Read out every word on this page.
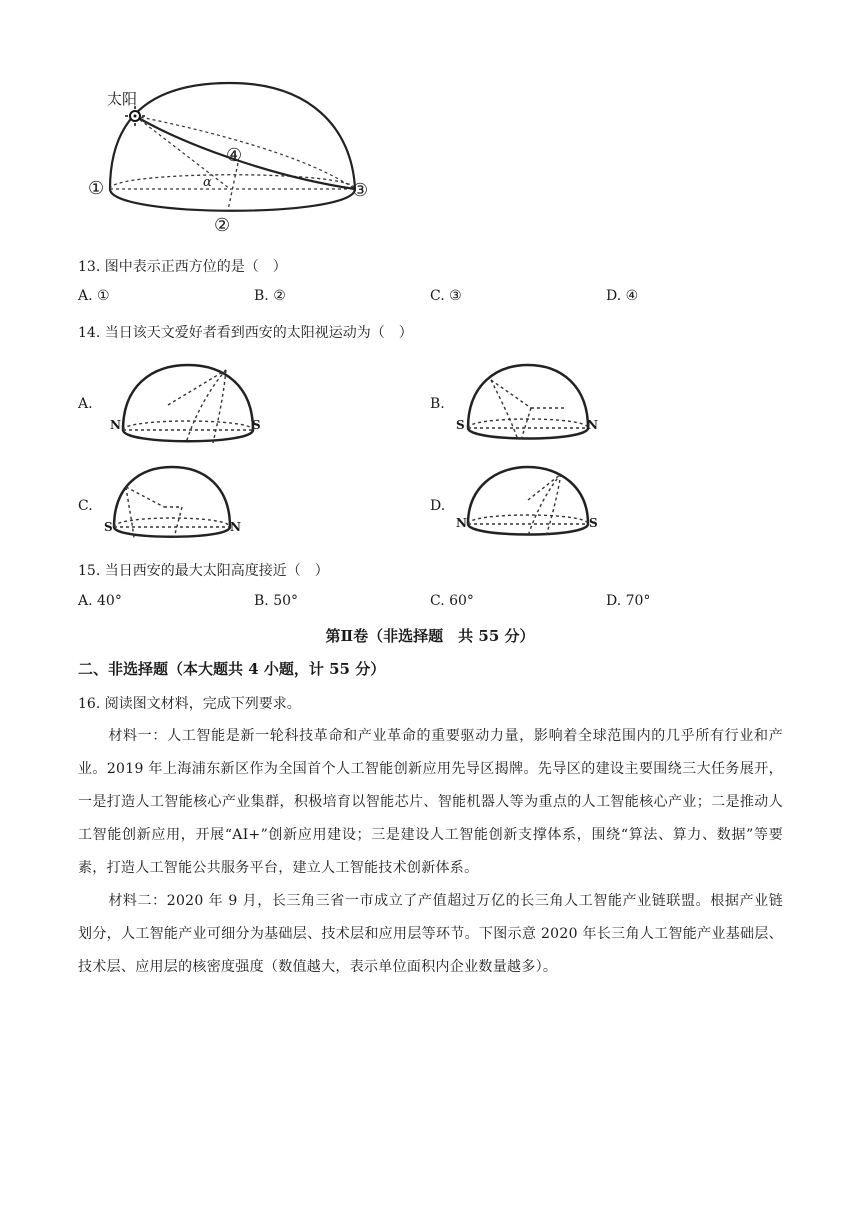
太阳
①
②
③
④
α
13. 图中表示正西方位的是（　）
A. ①	B. ②	C. ③	D. ④
14. 当日该天文爱好者看到西安的太阳视运动为（　）
A.
N	S
B.
S	N
C.
S	N
D.
N	S
15. 当日西安的最大太阳高度接近（　）
A. 40°	B. 50°	C. 60°	D. 70°
第Ⅱ卷（非选择题　共 55 分）
二、非选择题（本大题共 4 小题，计 55 分）
16. 阅读图文材料，完成下列要求。
材料一：人工智能是新一轮科技革命和产业革命的重要驱动力量，影响着全球范围内的几乎所有行业和产业。2019 年上海浦东新区作为全国首个人工智能创新应用先导区揭牌。先导区的建设主要围绕三大任务展开，一是打造人工智能核心产业集群，积极培育以智能芯片、智能机器人等为重点的人工智能核心产业；二是推动人工智能创新应用，开展“AI+”创新应用建设；三是建设人工智能创新支撑体系，围绕“算法、算力、数据”等要素，打造人工智能公共服务平台，建立人工智能技术创新体系。
材料二：2020 年 9 月，长三角三省一市成立了产值超过万亿的长三角人工智能产业链联盟。根据产业链划分，人工智能产业可细分为基础层、技术层和应用层等环节。下图示意 2020 年长三角人工智能产业基础层、技术层、应用层的核密度强度（数值越大，表示单位面积内企业数量越多）。
